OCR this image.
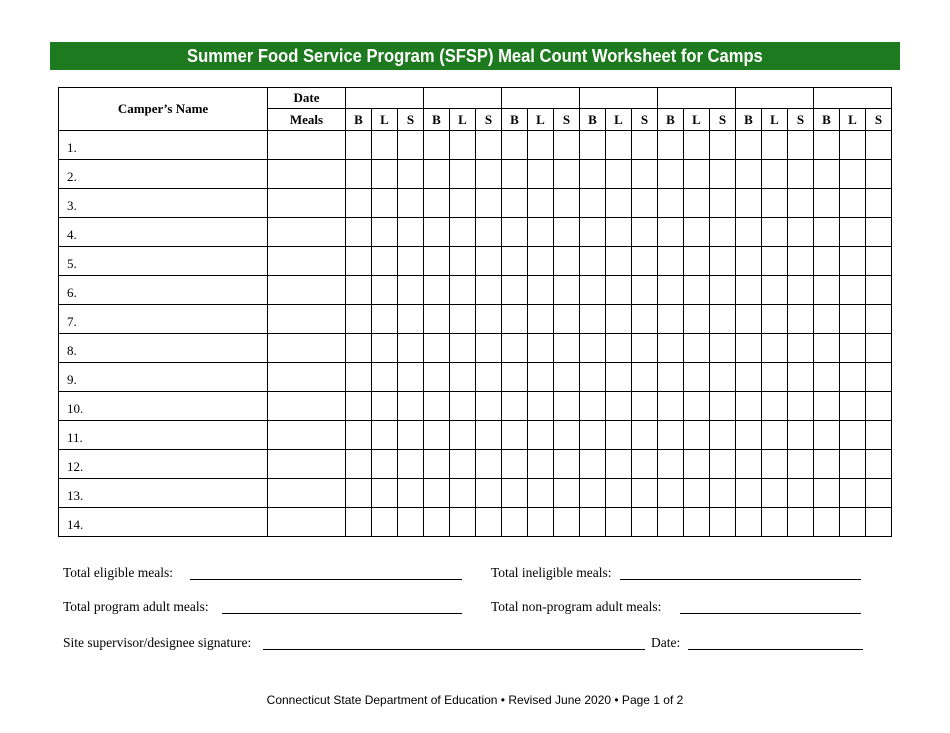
Summer Food Service Program (SFSP) Meal Count Worksheet for Camps
Camper’s Name	Date																					
	Meals	B	L	S	B	L	S	B	L	S	B	L	S	B	L	S	B	L	S	B	L	S
1.																						
2.																						
3.																						
4.																						
5.																						
6.																						
7.																						
8.																						
9.																						
10.																						
11.																						
12.																						
13.																						
14.																						
Total eligible meals:	Total ineligible meals:
Total program adult meals:	Total non-program adult meals:
Site supervisor/designee signature:	Date:
Connecticut State Department of Education • Revised June 2020 • Page 1 of 2
